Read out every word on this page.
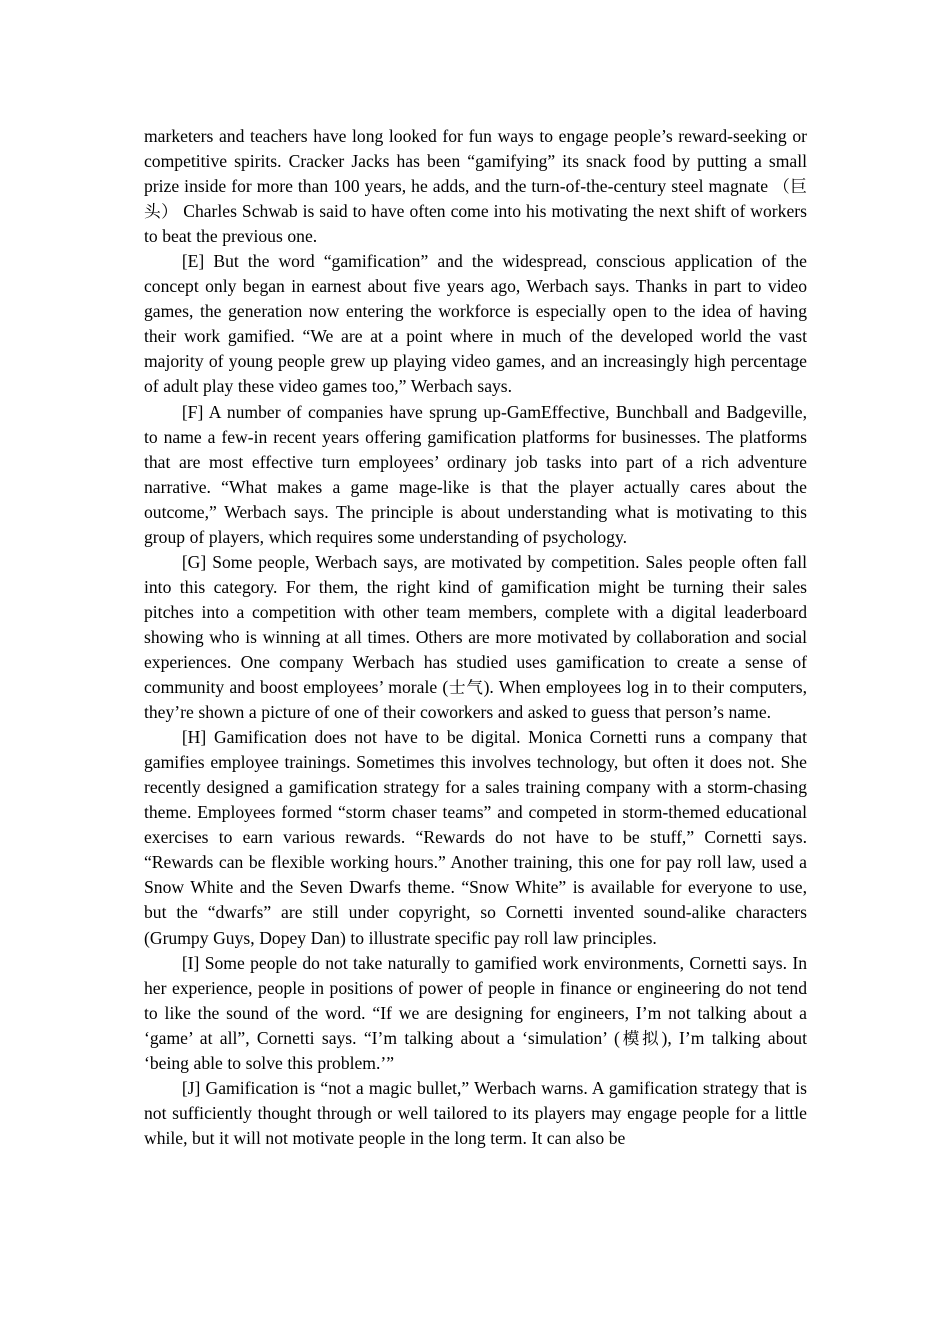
marketers and teachers have long looked for fun ways to engage people’s reward-seeking or competitive spirits. Cracker Jacks has been “gamifying” its snack food by putting a small prize inside for more than 100 years, he adds, and the turn-of-the-century steel magnate （巨头） Charles Schwab is said to have often come into his motivating the next shift of workers to beat the previous one.

[E] But the word “gamification” and the widespread, conscious application of the concept only began in earnest about five years ago, Werbach says. Thanks in part to video games, the generation now entering the workforce is especially open to the idea of having their work gamified. “We are at a point where in much of the developed world the vast majority of young people grew up playing video games, and an increasingly high percentage of adult play these video games too,” Werbach says.

[F] A number of companies have sprung up-GamEffective, Bunchball and Badgeville, to name a few-in recent years offering gamification platforms for businesses. The platforms that are most effective turn employees’ ordinary job tasks into part of a rich adventure narrative. “What makes a game mage-like is that the player actually cares about the outcome,” Werbach says. The principle is about understanding what is motivating to this group of players, which requires some understanding of psychology.

[G] Some people, Werbach says, are motivated by competition. Sales people often fall into this category. For them, the right kind of gamification might be turning their sales pitches into a competition with other team members, complete with a digital leaderboard showing who is winning at all times. Others are more motivated by collaboration and social experiences. One company Werbach has studied uses gamification to create a sense of community and boost employees’ morale (士气). When employees log in to their computers, they’re shown a picture of one of their coworkers and asked to guess that person’s name.

[H] Gamification does not have to be digital. Monica Cornetti runs a company that gamifies employee trainings. Sometimes this involves technology, but often it does not. She recently designed a gamification strategy for a sales training company with a storm-chasing theme. Employees formed “storm chaser teams” and competed in storm-themed educational exercises to earn various rewards. “Rewards do not have to be stuff,” Cornetti says. “Rewards can be flexible working hours.” Another training, this one for pay roll law, used a Snow White and the Seven Dwarfs theme. “Snow White” is available for everyone to use, but the “dwarfs” are still under copyright, so Cornetti invented sound-alike characters (Grumpy Guys, Dopey Dan) to illustrate specific pay roll law principles.

[I] Some people do not take naturally to gamified work environments, Cornetti says. In her experience, people in positions of power of people in finance or engineering do not tend to like the sound of the word. “If we are designing for engineers, I’m not talking about a ‘game’ at all”, Cornetti says. “I’m talking about a ‘simulation’ (模拟), I’m talking about ‘being able to solve this problem.’”

[J] Gamification is “not a magic bullet,” Werbach warns. A gamification strategy that is not sufficiently thought through or well tailored to its players may engage people for a little while, but it will not motivate people in the long term. It can also be
